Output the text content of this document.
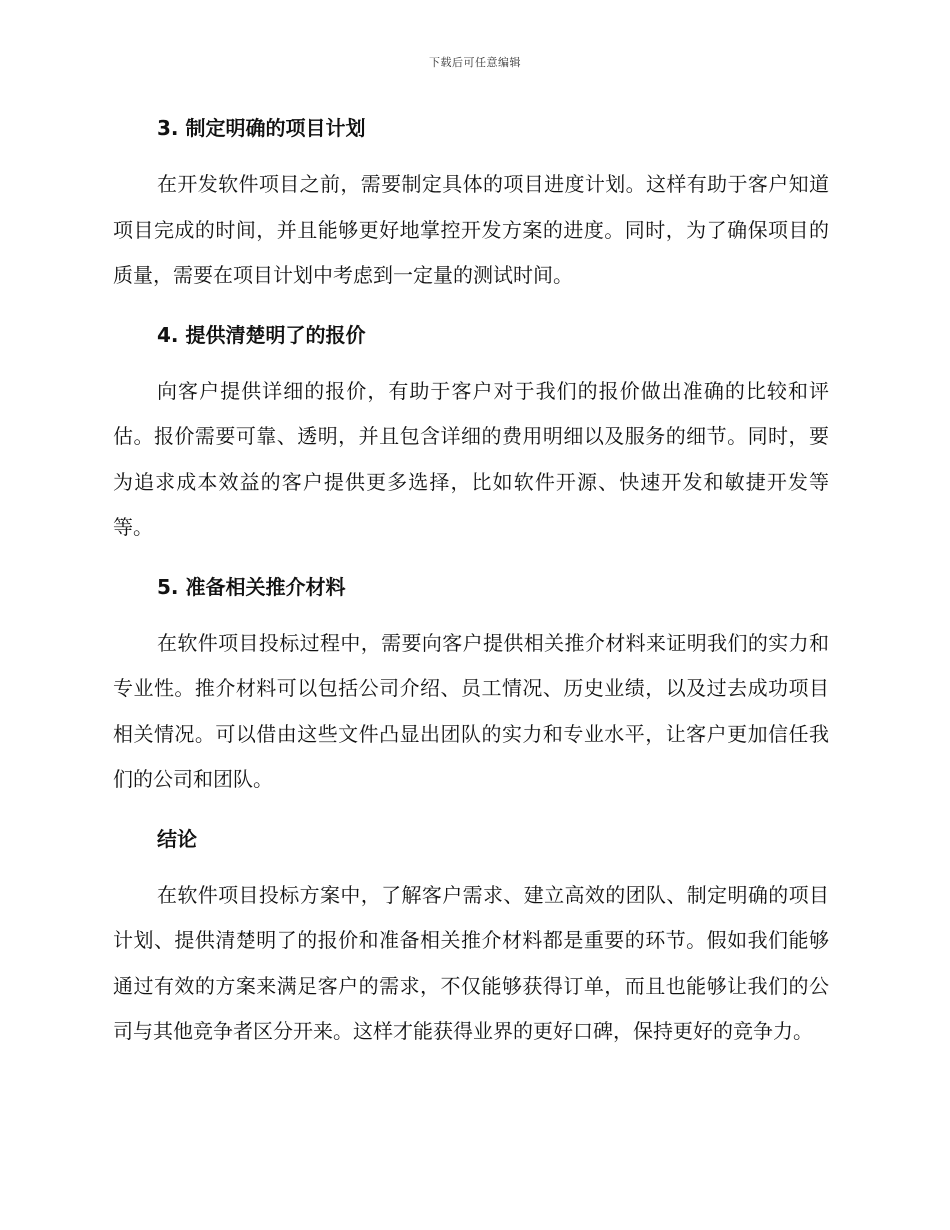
下载后可任意编辑
3. 制定明确的项目计划

在开发软件项目之前，需要制定具体的项目进度计划。这样有助于客户知道项目完成的时间，并且能够更好地掌控开发方案的进度。同时，为了确保项目的质量，需要在项目计划中考虑到一定量的测试时间。

4. 提供清楚明了的报价

向客户提供详细的报价，有助于客户对于我们的报价做出准确的比较和评估。报价需要可靠、透明，并且包含详细的费用明细以及服务的细节。同时，要为追求成本效益的客户提供更多选择，比如软件开源、快速开发和敏捷开发等等。

5. 准备相关推介材料

在软件项目投标过程中，需要向客户提供相关推介材料来证明我们的实力和专业性。推介材料可以包括公司介绍、员工情况、历史业绩，以及过去成功项目相关情况。可以借由这些文件凸显出团队的实力和专业水平，让客户更加信任我们的公司和团队。

结论

在软件项目投标方案中，了解客户需求、建立高效的团队、制定明确的项目计划、提供清楚明了的报价和准备相关推介材料都是重要的环节。假如我们能够通过有效的方案来满足客户的需求，不仅能够获得订单，而且也能够让我们的公司与其他竞争者区分开来。这样才能获得业界的更好口碑，保持更好的竞争力。
